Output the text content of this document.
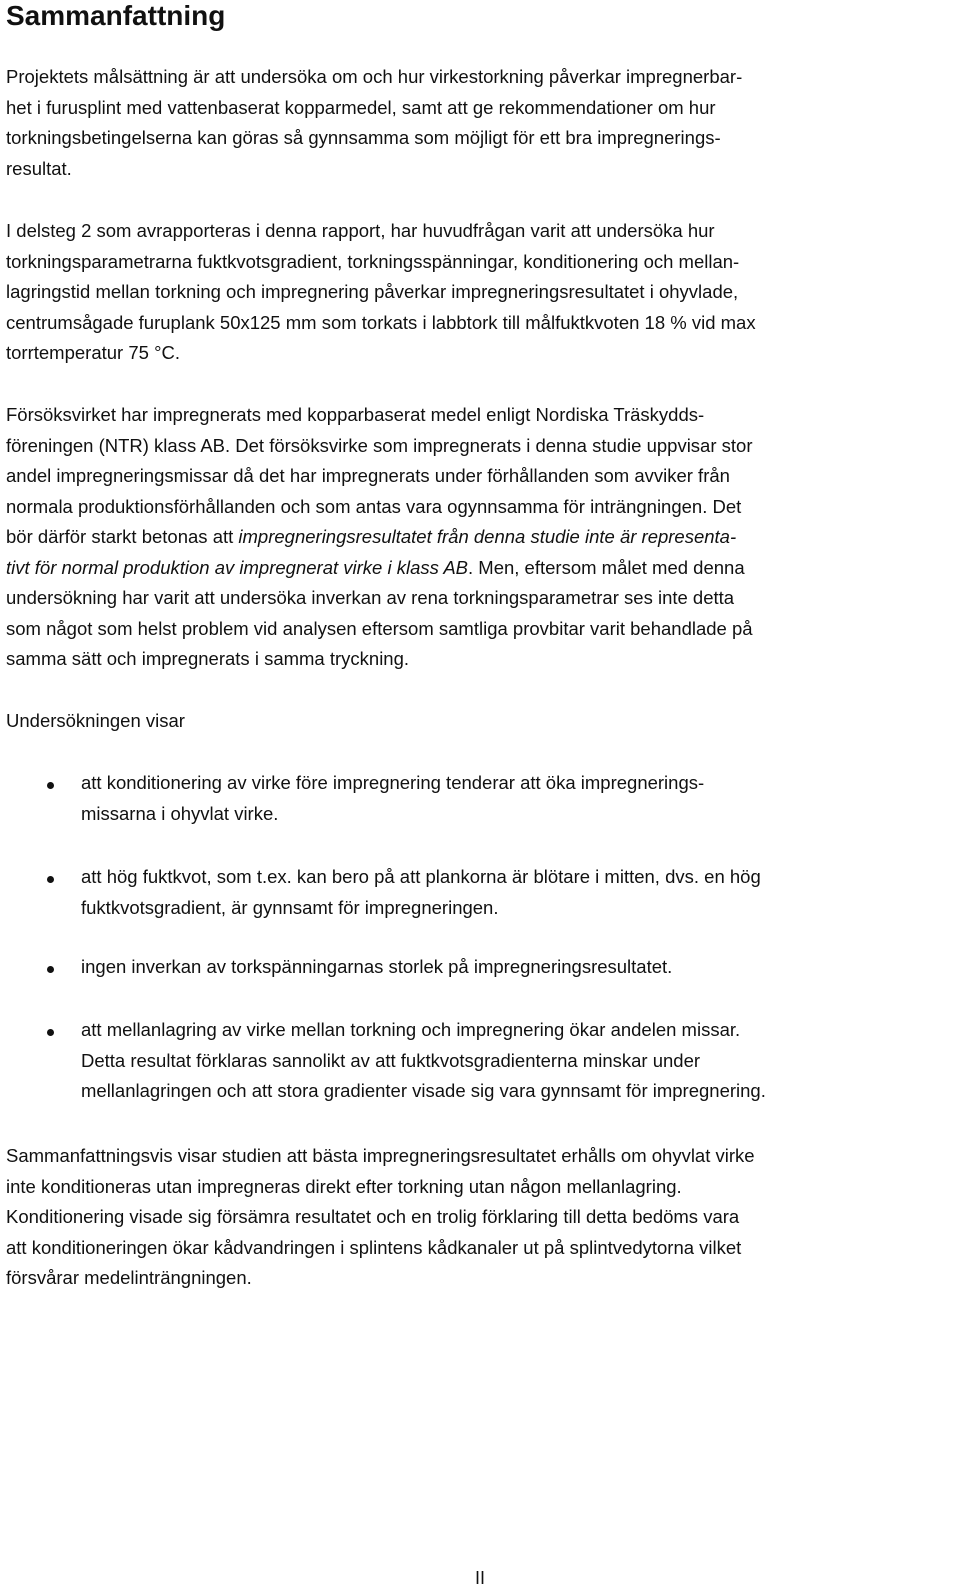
Sammanfattning
Projektets målsättning är att undersöka om och hur virkestorkning påverkar impregnerbar-
het i furusplint med vattenbaserat kopparmedel, samt att ge rekommendationer om hur
torkningsbetingelserna kan göras så gynnsamma som möjligt för ett bra impregnerings-
resultat.
I delsteg 2 som avrapporteras i denna rapport, har huvudfrågan varit att undersöka hur
torkningsparametrarna fuktkvotsgradient, torkningsspänningar, konditionering och mellan-
lagringstid mellan torkning och impregnering påverkar impregneringsresultatet i ohyvlade,
centrumsågade furuplank 50x125 mm som torkats i labbtork till målfuktkvoten 18 % vid max
torrtemperatur 75 °C.
Försöksvirket har impregnerats med kopparbaserat medel enligt Nordiska Träskydds-
föreningen (NTR) klass AB. Det försöksvirke som impregnerats i denna studie uppvisar stor
andel impregneringsmissar då det har impregnerats under förhållanden som avviker från
normala produktionsförhållanden och som antas vara ogynnsamma för inträngningen. Det
bör därför starkt betonas att impregneringsresultatet från denna studie inte är representa-
tivt för normal produktion av impregnerat virke i klass AB. Men, eftersom målet med denna
undersökning har varit att undersöka inverkan av rena torkningsparametrar ses inte detta
som något som helst problem vid analysen eftersom samtliga provbitar varit behandlade på
samma sätt och impregnerats i samma tryckning.
Undersökningen visar
att konditionering av virke före impregnering tenderar att öka impregnerings-
missarna i ohyvlat virke.
att hög fuktkvot, som t.ex. kan bero på att plankorna är blötare i mitten, dvs. en hög
fuktkvotsgradient, är gynnsamt för impregneringen.
ingen inverkan av torkspänningarnas storlek på impregneringsresultatet.
att mellanlagring av virke mellan torkning och impregnering ökar andelen missar.
Detta resultat förklaras sannolikt av att fuktkvotsgradienterna minskar under
mellanlagringen och att stora gradienter visade sig vara gynnsamt för impregnering.
Sammanfattningsvis visar studien att bästa impregneringsresultatet erhålls om ohyvlat virke
inte konditioneras utan impregneras direkt efter torkning utan någon mellanlagring.
Konditionering visade sig försämra resultatet och en trolig förklaring till detta bedöms vara
att konditioneringen ökar kådvandringen i splintens kådkanaler ut på splintvedytorna vilket
försvårar medelinträngningen.
II
